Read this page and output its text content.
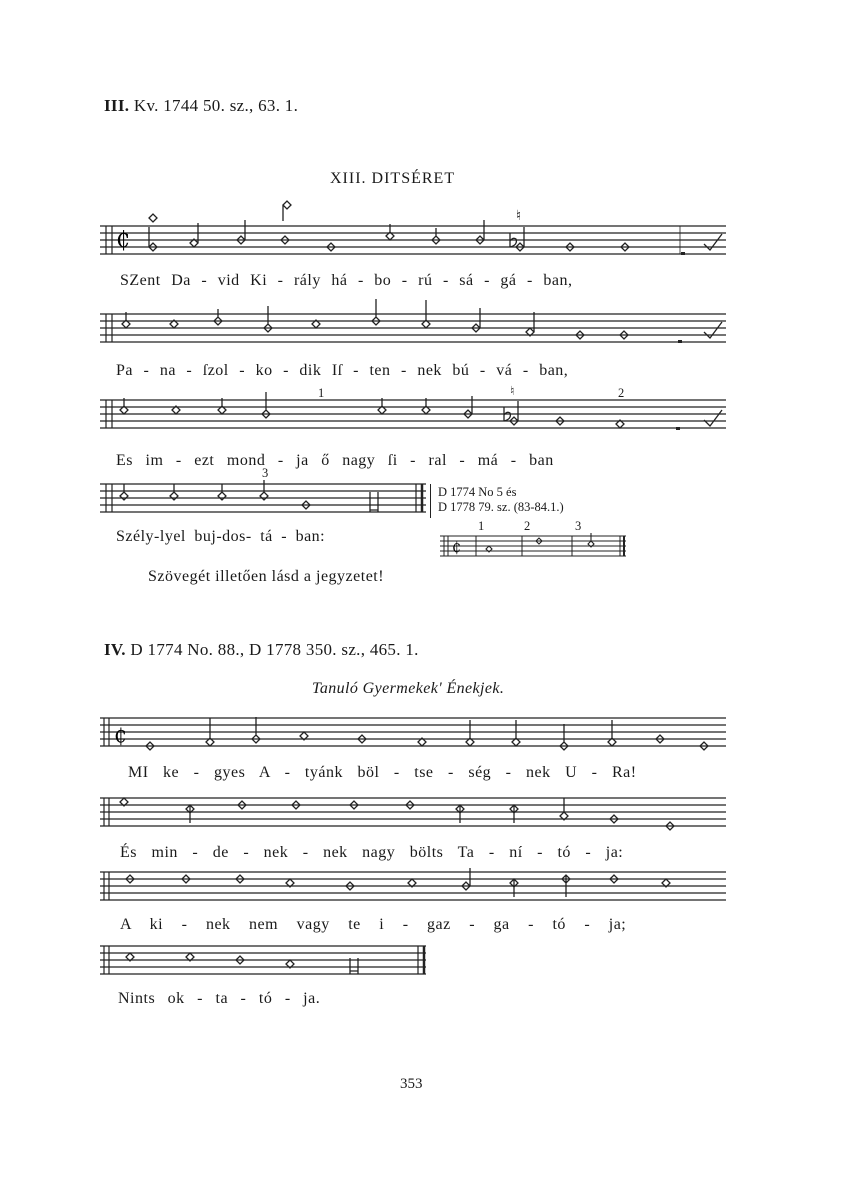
III. Kv. 1744 50. sz., 63. 1.
XIII. DITSÉRET
₵
♮
SZent Da - vid Ki - rály há - bo - rú - sá - gá - ban,
Pa - na - ſzol - ko - dik Iſ - ten - nek bú - vá - ban,
1	2
♮
Es im - ezt mond - ja ő nagy ſi - ral - má - ban
3
D 1774 No 5 és
D 1778 79. sz. (83-84.1.)
Szély-lyel buj-dos- tá - ban:
1	2	3
₵
Szövegét illetően lásd a jegyzetet!
IV. D 1774 No. 88., D 1778 350. sz., 465. 1.
Tanuló Gyermekek' Énekjek.
₵
MI ke - gyes A - tyánk böl - tse - ség - nek U - Ra!
És min - de - nek - nek nagy bölts Ta - ní - tó - ja:
A ki - nek nem vagy te i - gaz - ga - tó - ja;
Nints ok - ta - tó - ja.
353
